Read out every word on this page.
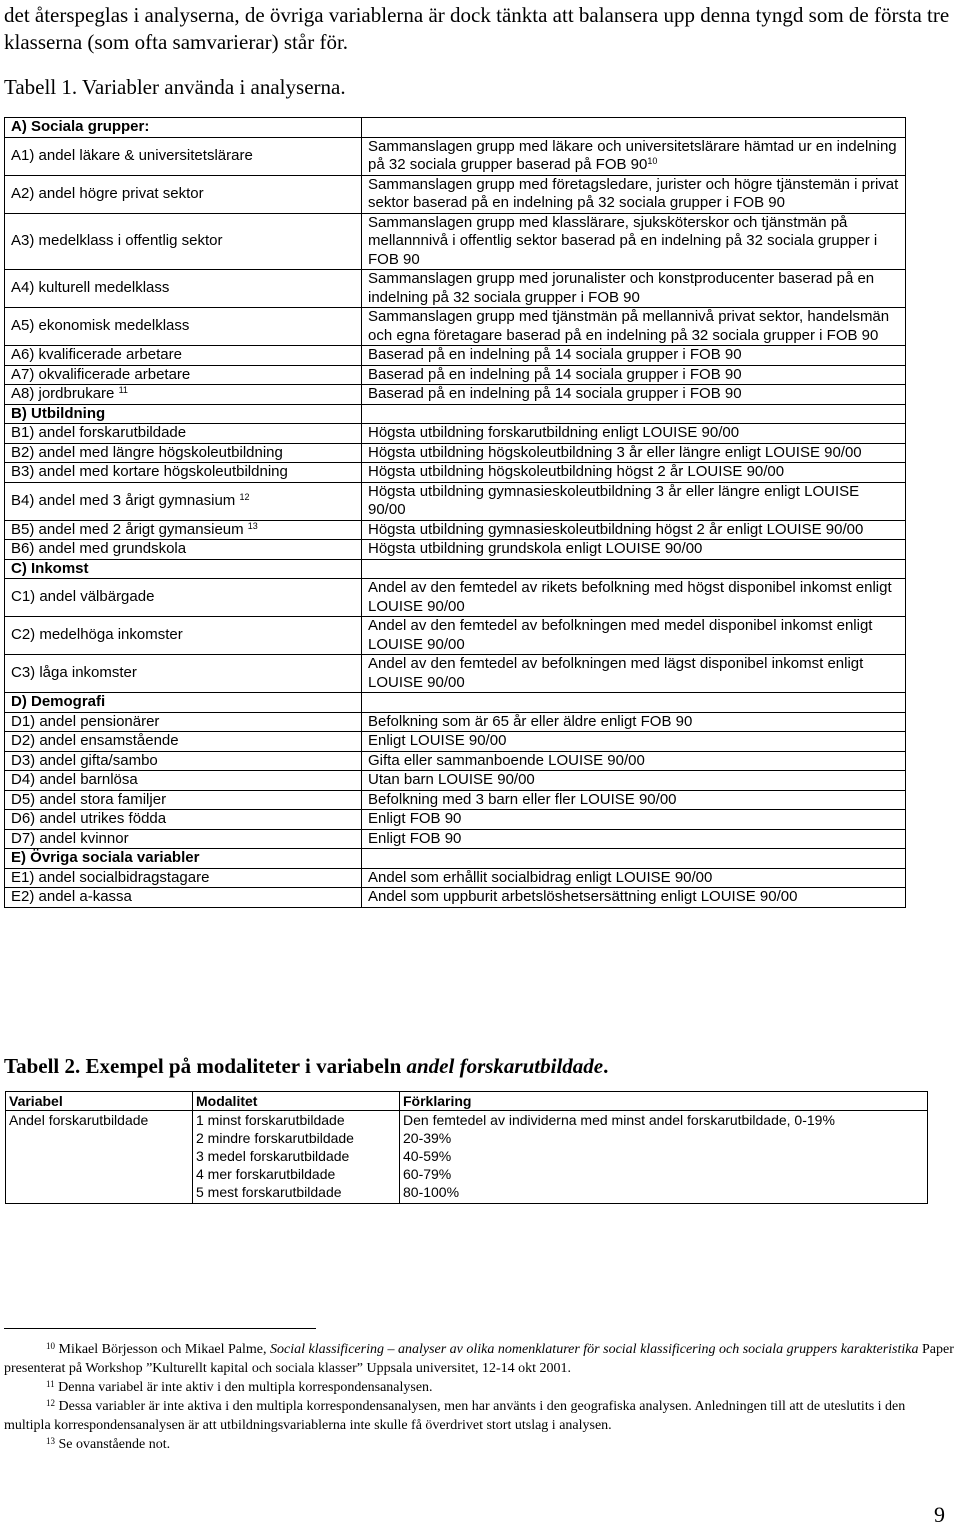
det återspeglas i analyserna, de övriga variablerna är dock tänkta att balansera upp denna tyngd som de första tre klasserna (som ofta samvarierar) står för.
Tabell 1. Variabler använda i analyserna.
A) Sociala grupper:	
A1) andel läkare & universitetslärare	Sammanslagen grupp med läkare och universitetslärare hämtad ur en indelning på 32 sociala grupper baserad på FOB $90^{10}$
A2) andel högre privat sektor	Sammanslagen grupp med företagsledare, jurister och högre tjänstemän i privat sektor baserad på en indelning på 32 sociala grupper i FOB 90
A3) medelklass i offentlig sektor	Sammanslagen grupp med klasslärare, sjuksköterskor och tjänstmän på mellannnivå i offentlig sektor baserad på en indelning på 32 sociala grupper i FOB 90
A4) kulturell medelklass	Sammanslagen grupp med jorunalister och konstproducenter baserad på en indelning på 32 sociala grupper i FOB 90
A5) ekonomisk medelklass	Sammanslagen grupp med tjänstmän på mellannivå privat sektor, handelsmän och egna företagare baserad på en indelning på 32 sociala grupper i FOB 90
A6) kvalificerade arbetare	Baserad på en indelning på 14 sociala grupper i FOB 90
A7) okvalificerade arbetare	Baserad på en indelning på 14 sociala grupper i FOB 90
A8) jordbrukare $^{11}$	Baserad på en indelning på 14 sociala grupper i FOB 90
B) Utbildning	
B1) andel forskarutbildade	Högsta utbildning forskarutbildning enligt LOUISE 90/00
B2) andel med längre högskoleutbildning	Högsta utbildning högskoleutbildning 3 år eller längre enligt LOUISE 90/00
B3) andel med kortare högskoleutbildning	Högsta utbildning högskoleutbildning högst 2 år LOUISE 90/00
B4) andel med 3 årigt gymnasium $^{12}$	Högsta utbildning gymnasieskoleutbildning 3 år eller längre enligt LOUISE 90/00
B5) andel med 2 årigt gymansieum $^{13}$	Högsta utbildning gymnasieskoleutbildning högst 2 år enligt LOUISE 90/00
B6) andel med grundskola	Högsta utbildning grundskola enligt LOUISE 90/00
C) Inkomst	
C1) andel välbärgade	Andel av den femtedel av rikets befolkning med högst disponibel inkomst enligt LOUISE 90/00
C2) medelhöga inkomster	Andel av den femtedel av befolkningen med medel disponibel inkomst enligt LOUISE 90/00
C3) låga inkomster	Andel av den femtedel av befolkningen med lägst disponibel inkomst enligt LOUISE 90/00
D) Demografi	
D1) andel pensionärer	Befolkning som är 65 år eller äldre enligt FOB 90
D2) andel ensamstående	Enligt LOUISE 90/00
D3) andel gifta/sambo	Gifta eller sammanboende LOUISE 90/00
D4) andel barnlösa	Utan barn LOUISE 90/00
D5) andel stora familjer	Befolkning med 3 barn eller fler LOUISE 90/00
D6) andel utrikes födda	Enligt FOB 90
D7) andel kvinnor	Enligt FOB 90
E) Övriga sociala variabler	
E1) andel socialbidragstagare	Andel som erhållit socialbidrag enligt LOUISE 90/00
E2) andel a-kassa	Andel som uppburit arbetslöshetsersättning enligt LOUISE 90/00
Tabell 2. Exempel på modaliteter i variabeln andel forskarutbildade.
Variabel	Modalitet	Förklaring
Andel forskarutbildade	1 minst forskarutbildade	Den femtedel av individerna med minst andel forskarutbildade, 0-19%
	2 mindre forskarutbildade	20-39%
	3 medel forskarutbildade	40-59%
	4 mer forskarutbildade	60-79%
	5 mest forskarutbildade	80-100%

$^{10}$ Mikael Börjesson och Mikael Palme, Social klassificering – analyser av olika nomenklaturer för social klassificering och sociala gruppers karakteristika Paper presenterat på Workshop ”Kulturellt kapital och sociala klasser” Uppsala universitet, 12-14 okt 2001.

$^{11}$ Denna variabel är inte aktiv i den multipla korrespondensanalysen.

$^{12}$ Dessa variabler är inte aktiva i den multipla korrespondensanalysen, men har använts i den geografiska analysen. Anledningen till att de uteslutits i den multipla korrespondensanalysen är att utbildningsvariablerna inte skulle få överdrivet stort utslag i analysen.

$^{13}$ Se ovanstående not.

9
